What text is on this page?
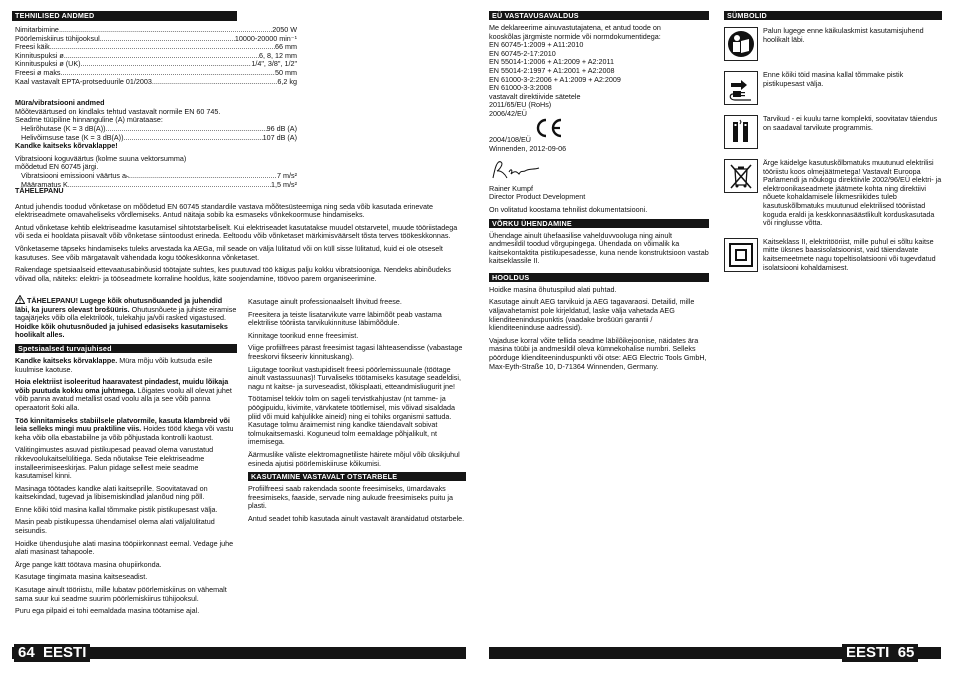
TEHNILISED ANDMED
Nimitarbimine .....	2050 W
Pöörlemiskiirus tühijooksul .....	10000-20000 min⁻¹
Freesi käik .....	66 mm
Kinnituspuksi ø .....	6, 8, 12 mm
Kinnituspuksi ø (UK) .....	1/4", 3/8", 1/2"
Freesi ø maks. .....	50 mm
Kaal vastavalt EPTA-protseduurile 01/2003 .....	6,2 kg

Müra/vibratsiooni andmed

Mõõteväärtused on kindlaks tehtud vastavalt normile EN 60 745.

Seadme tüüpiline hinnanguline (A) mürataase:

Helirõhutase (K = 3 dB(A)) .....	96 dB (A)
Helivõimsuse tase (K = 3 dB(A)) .....	107 dB (A)

Kandke kaitseks kõrvaklappe!

Vibratsiooni koguväärtus (kolme suuna vektorsumma)

mõõdetud EN 60745 järgi.

Vibratsiooni emissiooni väärtus aₕ .....	7 m/s²
Määramatus K .....	1,5 m/s²

TÄHELEPANU

Antud juhendis toodud võnketase on mõõdetud EN 60745 standardile vastava mõõtesüsteemiga ning seda võib kasutada erinevate elektriseadmete omavaheliseks võrdlemiseks. Antud näitaja sobib ka esmaseks võnkekoormuse hindamiseks.

Antud võnketase kehtib elektriseadme kasutamisel sihtotstarbeliselt. Kui elektriseadet kasutatakse muudel otstarvetel, muude tööriistadega või seda ei hooldata piisavalt võib võnketase siintoodust erineda. Eeltoodu võib võnketaset märkimisväärselt tõsta terves töökeskkonnas.

Võnketaseme täpseks hindamiseks tuleks arvestada ka AEGa, mil seade on välja lülitatud või on küll sisse lülitatud, kuid ei ole otseselt kasutuses. See võib märgatavalt vähendada kogu töökeskkonna võnketaset.

Rakendage spetsiaalseid ettevaatusabinõusid töötajate suhtes, kes puutuvad töö käigus palju kokku vibratsiooniga. Nendeks abinõudeks võivad olla, näiteks: elektri- ja tööseadmete korraline hooldus, käte soojendamine, töövoo parem organiseerimine.

TÄHELEPANU! Lugege kõik ohutusnõuanded ja juhendid läbi, ka juurers olevast brošüüris. Ohutusnõuete ja juhiste eiramise tagajärjeks võib olla elektrilöök, tulekahju ja/või rasked vigastused. Hoidke kõik ohutusnõuded ja juhised edasiseks kasutamiseks hoolikalt alles.

Spetsiaalsed turvajuhised

Kandke kaitseks kõrvaklappe. Müra mõju võib kutsuda esile kuulmise kaotuse.

Hoia elektriist isoleeritud haaravatest pindadest, muidu lõikaja võib puutuda kokku oma juhtmega. Lõigates voolu all olevat juhet võib panna avatud metallist osad voolu alla ja see võib panna operaatorit šoki alla.

Töö kinnitamiseks stabiilsele platvormile, kasuta klambreid või leia selleks mingi muu praktiline viis. Hoides tööd käega või vastu keha võib olla ebastabiilne ja võib põhjustada kontrolli kaotust.

Välitingimustes asuvad pistikupesad peavad olema varustatud rikkevoolukaitselülitiega. Seda nõutakse Teie elektriseadme installeerimiseeskirjas. Palun pidage sellest meie seadme kasutamisel kinni.

Masinaga töötades kandke alati kaitseprille. Soovitatavad on kaitsekindad, tugevad ja libisemiskindlad jalanõud ning põll.

Enne kõiki töid masina kallal tõmmake pistik pistikupesast välja.

Masin peab pistikupessa ühendamisel olema alati väljalülitatud seisundis.

Hoidke ühendusjuhe alati masina tööpiirkonnast eemal. Vedage juhe alati masinast tahapoole.

Ärge pange kätt töötava masina ohupiirkonda.

Kasutage tingimata masina kaitseseadist.

Kasutage ainult tööriistu, mille lubatav pöörlemiskiirus on vähemalt sama suur kui seadme suurim pöörlemiskiirus tühijooksul.

Puru ega pilpaid ei tohi eemaldada masina töötamise ajal.

Kasutage ainult professionaalselt lihvitud freese.

Freesitera ja teiste lisatarvikute varre läbimõõt peab vastama elektrilise tööriista tarvikukinnituse läbimõõdule.

Kinnitage toorikud enne freesimist.

Viige profiilfrees pärast freesimist tagasi lähteasendisse (vabastage freeskorvi fikseeriv kinnituskang).

Liigutage toorikut vastupidiselt freesi pöörlemissuunale (töötage ainult vastassuunas)! Turvaliseks töötamiseks kasutage seadeldisi, nagu nt kaitse- ja surveseadist, tõkisplaati, etteandmisliugurit jne!

Töötamisel tekkiv tolm on sageli tervistkahjustav (nt tamme- ja pöögipuidu, kivimite, värvkatete töötlemisel, mis võivad sisaldada pliid või muid kahjulikke aineid) ning ei tohiks organismi sattuda. Kasutage tolmu äraimemist ning kandke täiendavalt sobivat tolmukaitsemaski. Koguneud tolm eemaldage põhjalikult, nt imemisega.

Äärmuslike väliste elektromagnetiliste häirete mõjul võib üksikjuhul esineda ajutisi pöörlemiskiiruse kõikumisi.

KASUTAMINE VASTAVALT OTSTARBELE

Profiilfreesi saab rakendada soonte freesimiseks, ümardavaks freesimiseks, faaside, servade ning aukude freesimiseks puitu ja plasti.

Antud seadet tohib kasutada ainult vastavalt äranäidatud otstarbele.

64 EESTI
EÜ VASTAVUSAVALDUS

Me deklareerime ainuvastutajatena, et antud toode on

kooskõlas järgmiste normide või normdokumentidega:

EN 60745-1:2009 + A11:2010

EN 60745-2-17:2010

EN 55014-1:2006 + A1:2009 + A2:2011

EN 55014-2:1997 + A1:2001 + A2:2008

EN 61000-3-2:2006 + A1:2009 + A2:2009

EN 61000-3-3:2008

vastavalt direktiivide sätetele

2011/65/EU (RoHs)

2006/42/EÜ

2004/108/EÜ

CE

Winnenden, 2012-09-06

Rainer Kumpf

Director Product Development

On volitatud koostama tehnilist dokumentatsiooni.

VÕRKU ÜHENDAMINE

Ühendage ainult ühefaasilise vahelduvvooluga ning ainult andmesildil toodud võrgupingega. Ühendada on võimalik ka kaitsekontaktita pistikupesadesse, kuna nende konstruktsioon vastab kaitseklassile II.

HOOLDUS

Hoidke masina õhutuspilud alati puhtad.

Kasutage ainult AEG tarvikuid ja AEG tagavaraosi. Detailid, mille väljavahetamist pole kirjeldatud, laske välja vahetada AEG klienditeeninduspunktis (vaadake brošüüri garantii / klienditeeninduse aadressid).

Vajaduse korral võite tellida seadme läbilõikejoonise, näidates ära masina tüübi ja andmesildil oleva kümnekohalise numbri. Selleks pöörduge klienditeeninduspunkti või otse: AEG Electric Tools GmbH, Max-Eyth-Straße 10, D-71364 Winnenden, Germany.

SÜMBOLID

Palun lugege enne käikulaskmist kasutamisjuhend hoolikalt läbi.

Enne kõiki töid masina kallal tõmmake pistik pistikupesast välja.

Tarvikud - ei kuulu tarne komplekti, soovitatav täiendus on saadaval tarvikute programmis.

Ärge käidelge kasutuskõlbmatuks muutunud elektrilisi tööriistu koos olmejäätmetega! Vastavalt Euroopa Parlamendi ja nõukogu direktiivile 2002/96/EÜ elektri- ja elektroonikaseadmete jäätmete kohta ning direktiivi nõuete kohaldamisele liikmesriikides tuleb kasutuskõlbmatuks muutunud elektrilised tööriistad koguda eraldi ja keskkonnasäästlikult korduskasutada või ringlusse võtta.

Kaitseklass II, elektritööriist, mille puhul ei sõltu kaitse mitte üksnes baasisolatsioonist, vaid täiendavate kaitsemeetmete nagu topeltisolatsiooni või tugevdatud isolatsiooni kohaldamisest.

EESTI 65
